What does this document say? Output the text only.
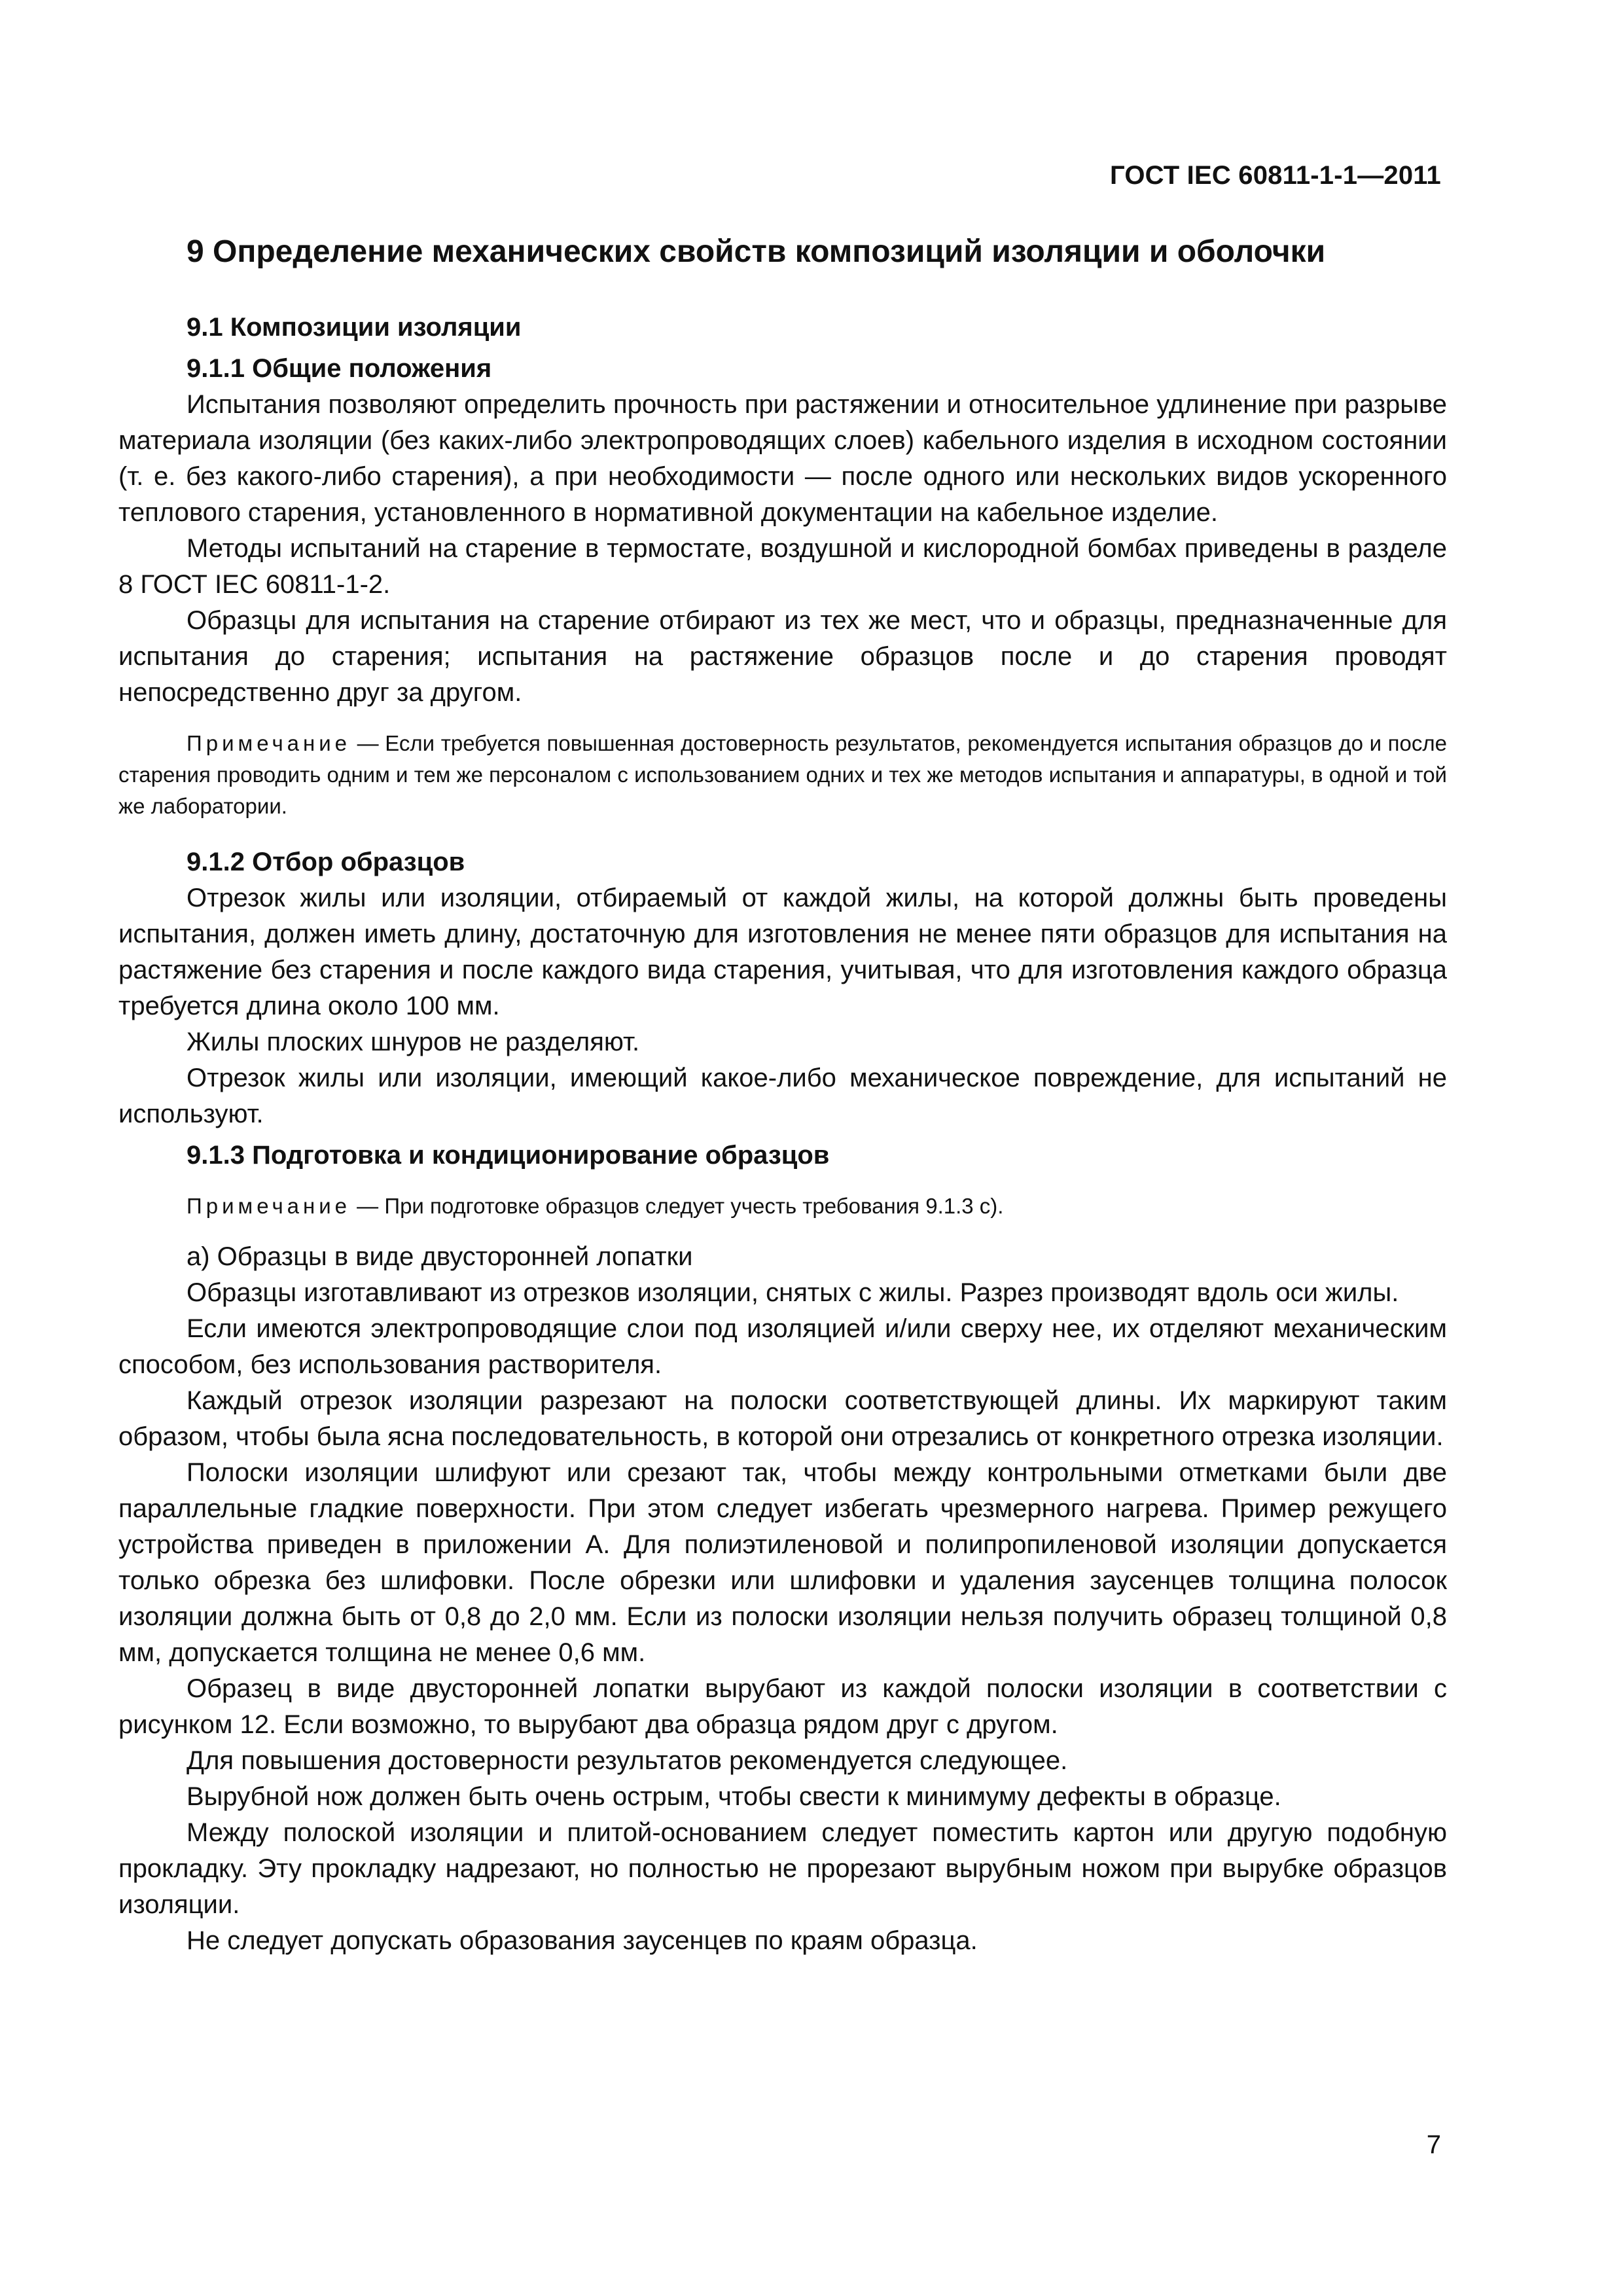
ГОСТ IEC 60811-1-1—2011
9 Определение механических свойств композиций изоляции и оболочки
9.1 Композиции изоляции
9.1.1 Общие положения

Испытания позволяют определить прочность при растяжении и относительное удлинение при разрыве материала изоляции (без каких-либо электропроводящих слоев) кабельного изделия в исходном состоянии (т. е. без какого-либо старения), а при необходимости — после одного или нескольких видов ускоренного теплового старения, установленного в нормативной документации на кабельное изделие.

Методы испытаний на старение в термостате, воздушной и кислородной бомбах приведены в разделе 8 ГОСТ IEC 60811-1-2.

Образцы для испытания на старение отбирают из тех же мест, что и образцы, предназначенные для испытания до старения; испытания на растяжение образцов после и до старения проводят непосредственно друг за другом.

Примечание — Если требуется повышенная достоверность результатов, рекомендуется испытания образцов до и после старения проводить одним и тем же персоналом с использованием одних и тех же методов испытания и аппаратуры, в одной и той же лаборатории.
9.1.2 Отбор образцов

Отрезок жилы или изоляции, отбираемый от каждой жилы, на которой должны быть проведены испытания, должен иметь длину, достаточную для изготовления не менее пяти образцов для испытания на растяжение без старения и после каждого вида старения, учитывая, что для изготовления каждого образца требуется длина около 100 мм.

Жилы плоских шнуров не разделяют.

Отрезок жилы или изоляции, имеющий какое-либо механическое повреждение, для испытаний не используют.

9.1.3 Подготовка и кондиционирование образцов
Примечание — При подготовке образцов следует учесть требования 9.1.3 с).

а) Образцы в виде двусторонней лопатки

Образцы изготавливают из отрезков изоляции, снятых с жилы. Разрез производят вдоль оси жилы.

Если имеются электропроводящие слои под изоляцией и/или сверху нее, их отделяют механическим способом, без использования растворителя.

Каждый отрезок изоляции разрезают на полоски соответствующей длины. Их маркируют таким образом, чтобы была ясна последовательность, в которой они отрезались от конкретного отрезка изоляции.

Полоски изоляции шлифуют или срезают так, чтобы между контрольными отметками были две параллельные гладкие поверхности. При этом следует избегать чрезмерного нагрева. Пример режущего устройства приведен в приложении А. Для полиэтиленовой и полипропиленовой изоляции допускается только обрезка без шлифовки. После обрезки или шлифовки и удаления заусенцев толщина полосок изоляции должна быть от 0,8 до 2,0 мм. Если из полоски изоляции нельзя получить образец толщиной 0,8 мм, допускается толщина не менее 0,6 мм.

Образец в виде двусторонней лопатки вырубают из каждой полоски изоляции в соответствии с рисунком 12. Если возможно, то вырубают два образца рядом друг с другом.

Для повышения достоверности результатов рекомендуется следующее.

Вырубной нож должен быть очень острым, чтобы свести к минимуму дефекты в образце.

Между полоской изоляции и плитой-основанием следует поместить картон или другую подобную прокладку. Эту прокладку надрезают, но полностью не прорезают вырубным ножом при вырубке образцов изоляции.

Не следует допускать образования заусенцев по краям образца.

7
